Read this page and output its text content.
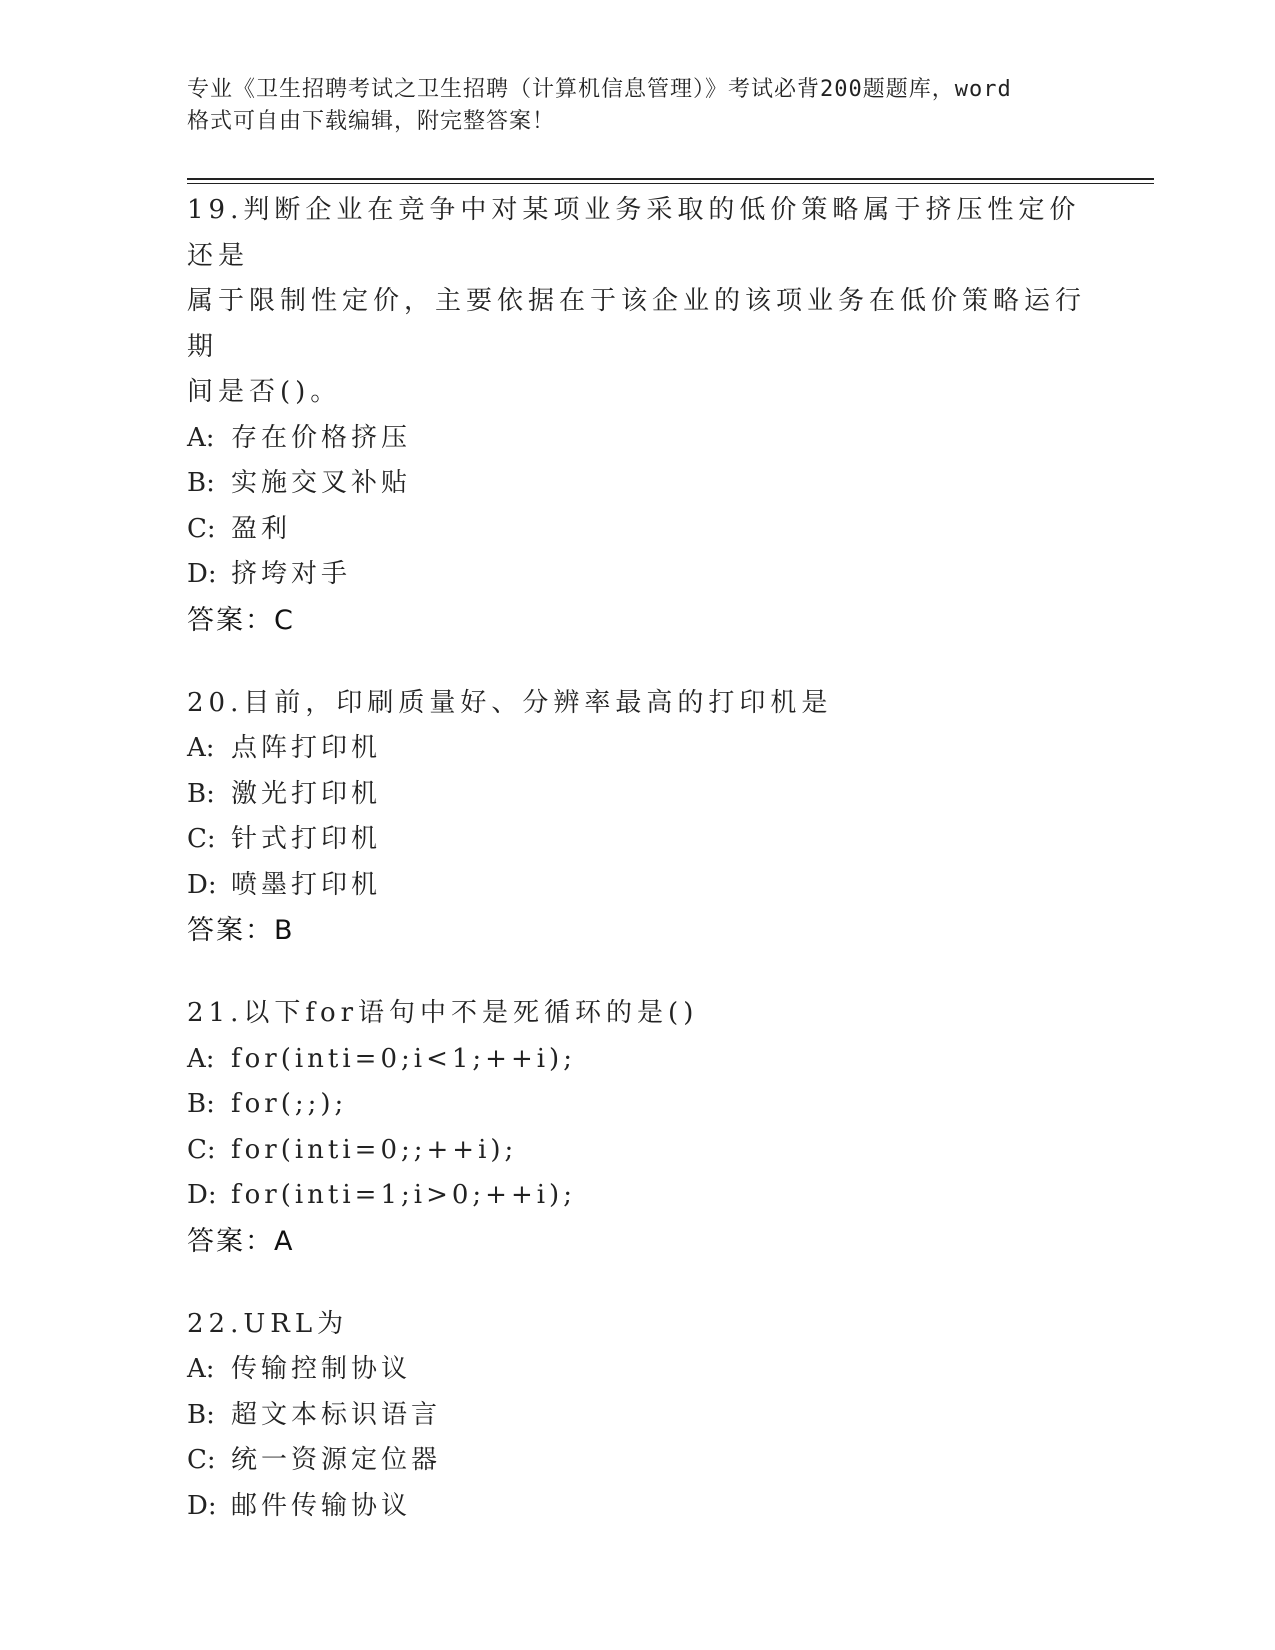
专业《卫生招聘考试之卫生招聘（计算机信息管理）》考试必背200题题库，word
格式可自由下载编辑，附完整答案！
19.判断企业在竞争中对某项业务采取的低价策略属于挤压性定价还是
属于限制性定价，主要依据在于该企业的该项业务在低价策略运行期
间是否()。
A: 存在价格挤压
B: 实施交叉补贴
C: 盈利
D: 挤垮对手
答案：C
20.目前，印刷质量好、分辨率最高的打印机是
A: 点阵打印机
B: 激光打印机
C: 针式打印机
D: 喷墨打印机
答案：B
21.以下for语句中不是死循环的是()
A: for(inti=0;i<1;++i);
B: for(;;);
C: for(inti=0;;++i);
D: for(inti=1;i>0;++i);
答案：A
22.URL为
A: 传输控制协议
B: 超文本标识语言
C: 统一资源定位器
D: 邮件传输协议
